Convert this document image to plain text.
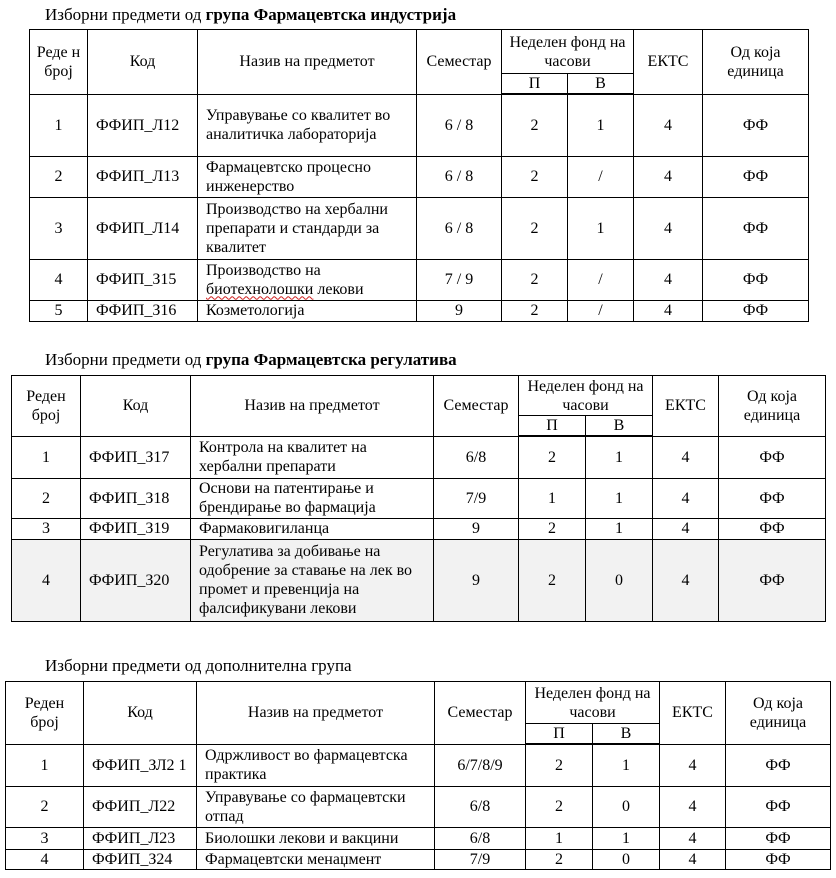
Изборни предмети од група Фармацевтска индустрија
Реде н број	Код	Назив на предметот	Семестар	Неделен фонд на часови		ЕКТС	Од која единица
				П	В		
1	ФФИП_Л12	Управување со квалитет во аналитичка лабораторија	6 / 8	2	1	4	ФФ
2	ФФИП_Л13	Фармацевтско процесно инженерство	6 / 8	2	/	4	ФФ
3	ФФИП_Л14	Производство на хербални препарати и стандарди за квалитет	6 / 8	2	1	4	ФФ
4	ФФИП_З15	Производство на биотехнолошки лекови	7 / 9	2	/	4	ФФ
5	ФФИП_З16	Козметологија	9	2	/	4	ФФ
Изборни предмети од група Фармацевтска регулатива
Реден број	Код	Назив на предметот	Семестар	Неделен фонд на часови		ЕКТС	Од која единица
				П	В		
1	ФФИП_З17	Контрола на квалитет на хербални препарати	6/8	2	1	4	ФФ
2	ФФИП_З18	Основи на патентирање и брендирање во фармација	7/9	1	1	4	ФФ
3	ФФИП_З19	Фармаковигиланца	9	2	1	4	ФФ
4	ФФИП_З20	Регулатива за добивање на одобрение за ставање на лек во промет и превенција на фалсификувани лекови	9	2	0	4	ФФ
Изборни предмети од дополнителна група
Реден број	Код	Назив на предметот	Семестар	Неделен фонд на часови		ЕКТС	Од која единица
				П	В		
1	ФФИП_ЗЛ2 1	Одржливост во фармацевтска практика	6/7/8/9	2	1	4	ФФ
2	ФФИП_Л22	Управување со фармацевтски отпад	6/8	2	0	4	ФФ
3	ФФИП_Л23	Биолошки лекови и вакцини	6/8	1	1	4	ФФ
4	ФФИП_З24	Фармацевтски менаџмент	7/9	2	0	4	ФФ
